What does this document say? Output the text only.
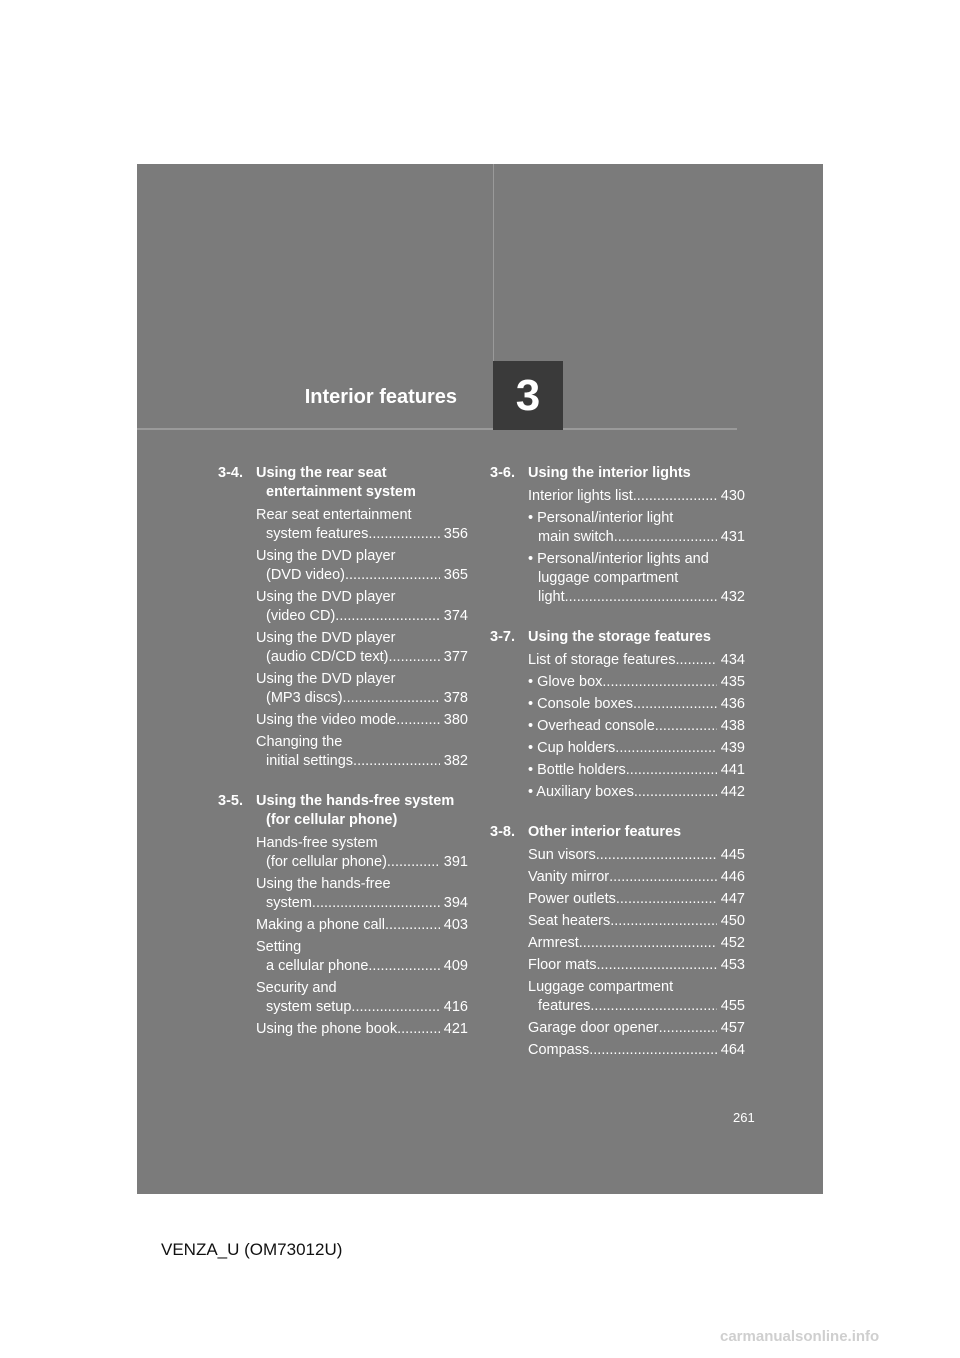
Interior features	3
3-4. Using the rear seat
entertainment system
Rear seat entertainment
system features .....	356
Using the DVD player
(DVD video) .....	365
Using the DVD player
(video CD) .....	374
Using the DVD player
(audio CD/CD text) .....	377
Using the DVD player
(MP3 discs) .....	378
Using the video mode .....	380
Changing the
initial settings .....	382
3-5. Using the hands-free system
(for cellular phone)
Hands-free system
(for cellular phone) .....	391
Using the hands-free
system .....	394
Making a phone call .....	403
Setting
a cellular phone .....	409
Security and
system setup .....	416
Using the phone book .....	421
3-6. Using the interior lights
Interior lights list .....	430
• Personal/interior light
main switch .....	431
• Personal/interior lights and
luggage compartment
light .....	432
3-7. Using the storage features
List of storage features .....	434
• Glove box .....	435
• Console boxes .....	436
• Overhead console .....	438
• Cup holders .....	439
• Bottle holders .....	441
• Auxiliary boxes .....	442
3-8. Other interior features
Sun visors .....	445
Vanity mirror .....	446
Power outlets .....	447
Seat heaters .....	450
Armrest .....	452
Floor mats .....	453
Luggage compartment
features .....	455
Garage door opener .....	457
Compass .....	464
261
VENZA_U (OM73012U)
carmanualsonline.info
